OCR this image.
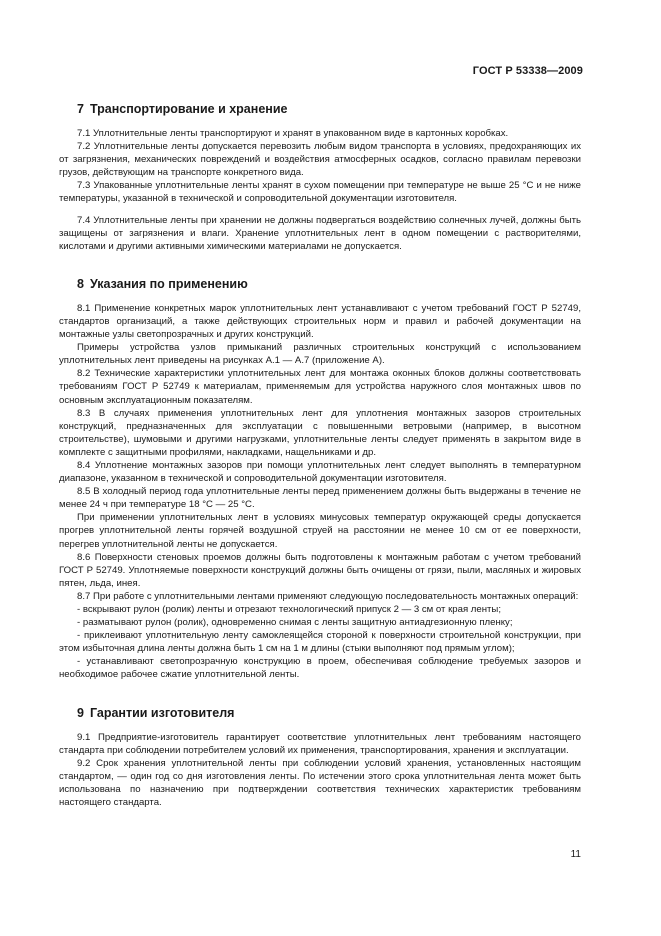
ГОСТ Р 53338—2009
7 Транспортирование и хранение

7.1 Уплотнительные ленты транспортируют и хранят в упакованном виде в картонных коробках.

7.2 Уплотнительные ленты допускается перевозить любым видом транспорта в условиях, предохраняющих их от загрязнения, механических повреждений и воздействия атмосферных осадков, согласно правилам перевозки грузов, действующим на транспорте конкретного вида.

7.3 Упакованные уплотнительные ленты хранят в сухом помещении при температуре не выше 25 °С и не ниже температуры, указанной в технической и сопроводительной документации изготовителя.

7.4 Уплотнительные ленты при хранении не должны подвергаться воздействию солнечных лучей, должны быть защищены от загрязнения и влаги. Хранение уплотнительных лент в одном помещении с растворителями, кислотами и другими активными химическими материалами не допускается.

8 Указания по применению

8.1 Применение конкретных марок уплотнительных лент устанавливают с учетом требований ГОСТ Р 52749, стандартов организаций, а также действующих строительных норм и правил и рабочей документации на монтажные узлы светопрозрачных и других конструкций.

Примеры устройства узлов примыканий различных строительных конструкций с использованием уплотнительных лент приведены на рисунках А.1 — А.7 (приложение А).

8.2 Технические характеристики уплотнительных лент для монтажа оконных блоков должны соответствовать требованиям ГОСТ Р 52749 к материалам, применяемым для устройства наружного слоя монтажных швов по основным эксплуатационным показателям.

8.3 В случаях применения уплотнительных лент для уплотнения монтажных зазоров строительных конструкций, предназначенных для эксплуатации с повышенными ветровыми (например, в высотном строительстве), шумовыми и другими нагрузками, уплотнительные ленты следует применять в закрытом виде в комплекте с защитными профилями, накладками, нащельниками и др.

8.4 Уплотнение монтажных зазоров при помощи уплотнительных лент следует выполнять в температурном диапазоне, указанном в технической и сопроводительной документации изготовителя.

8.5 В холодный период года уплотнительные ленты перед применением должны быть выдержаны в течение не менее 24 ч при температуре 18 °С — 25 °С.

При применении уплотнительных лент в условиях минусовых температур окружающей среды допускается прогрев уплотнительной ленты горячей воздушной струей на расстоянии не менее 10 см от ее поверхности, перегрев уплотнительной ленты не допускается.

8.6 Поверхности стеновых проемов должны быть подготовлены к монтажным работам с учетом требований ГОСТ Р 52749. Уплотняемые поверхности конструкций должны быть очищены от грязи, пыли, масляных и жировых пятен, льда, инея.

8.7 При работе с уплотнительными лентами применяют следующую последовательность монтажных операций:

- вскрывают рулон (ролик) ленты и отрезают технологический припуск 2 — 3 см от края ленты;

- разматывают рулон (ролик), одновременно снимая с ленты защитную антиадгезионную пленку;

- приклеивают уплотнительную ленту самоклеящейся стороной к поверхности строительной конструкции, при этом избыточная длина ленты должна быть 1 см на 1 м длины (стыки выполняют под прямым углом);

- устанавливают светопрозрачную конструкцию в проем, обеспечивая соблюдение требуемых зазоров и необходимое рабочее сжатие уплотнительной ленты.

9 Гарантии изготовителя

9.1 Предприятие-изготовитель гарантирует соответствие уплотнительных лент требованиям настоящего стандарта при соблюдении потребителем условий их применения, транспортирования, хранения и эксплуатации.

9.2 Срок хранения уплотнительной ленты при соблюдении условий хранения, установленных настоящим стандартом, — один год со дня изготовления ленты. По истечении этого срока уплотнительная лента может быть использована по назначению при подтверждении соответствия технических характеристик требованиям настоящего стандарта.

11
